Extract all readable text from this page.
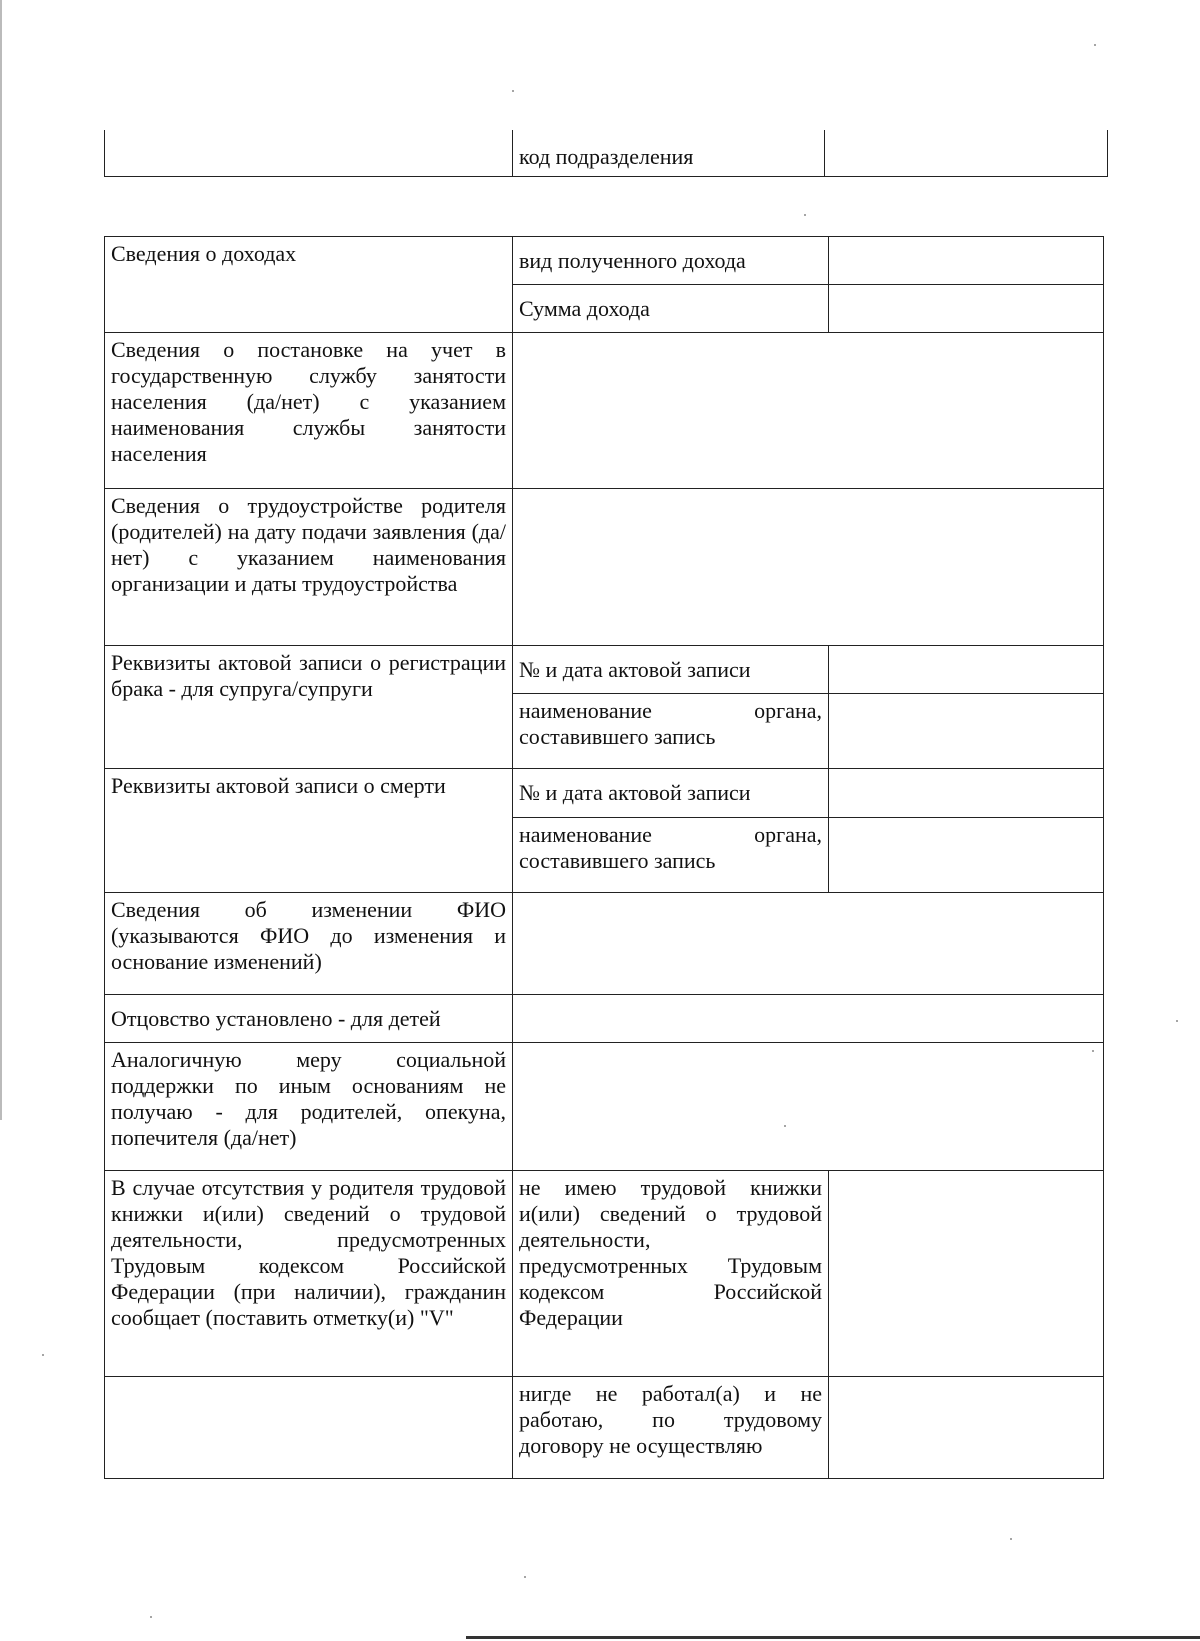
	код подразделения	
Сведения о доходах	вид полученного дохода	
	Сумма дохода	
Сведения о постановке на учет в государственную службу занятости населения (да/нет) с указанием наименования службы занятости населения		
Сведения о трудоустройстве родителя (родителей) на дату подачи заявления (да/нет) с указанием наименования организации и даты трудоустройства		
Реквизиты актовой записи о регистрации брака - для супруга/супруги	№ и дата актовой записи	
	наименование органа, составившего запись	
Реквизиты актовой записи о смерти	№ и дата актовой записи	
	наименование органа, составившего запись	
Сведения об изменении ФИО (указываются ФИО до изменения и основание изменений)		
Отцовство установлено - для детей		
Аналогичную меру социальной поддержки по иным основаниям не получаю - для родителей, опекуна, попечителя (да/нет)		
В случае отсутствия у родителя трудовой книжки и(или) сведений о трудовой деятельности, предусмотренных Трудовым кодексом Российской Федерации (при наличии), гражданин сообщает (поставить отметку(и) "V"	не имею трудовой книжки и(или) сведений о трудовой деятельности, предусмотренных Трудовым кодексом Российской Федерации	
	нигде не работал(а) и не работаю, по трудовому договору не осуществляю	
